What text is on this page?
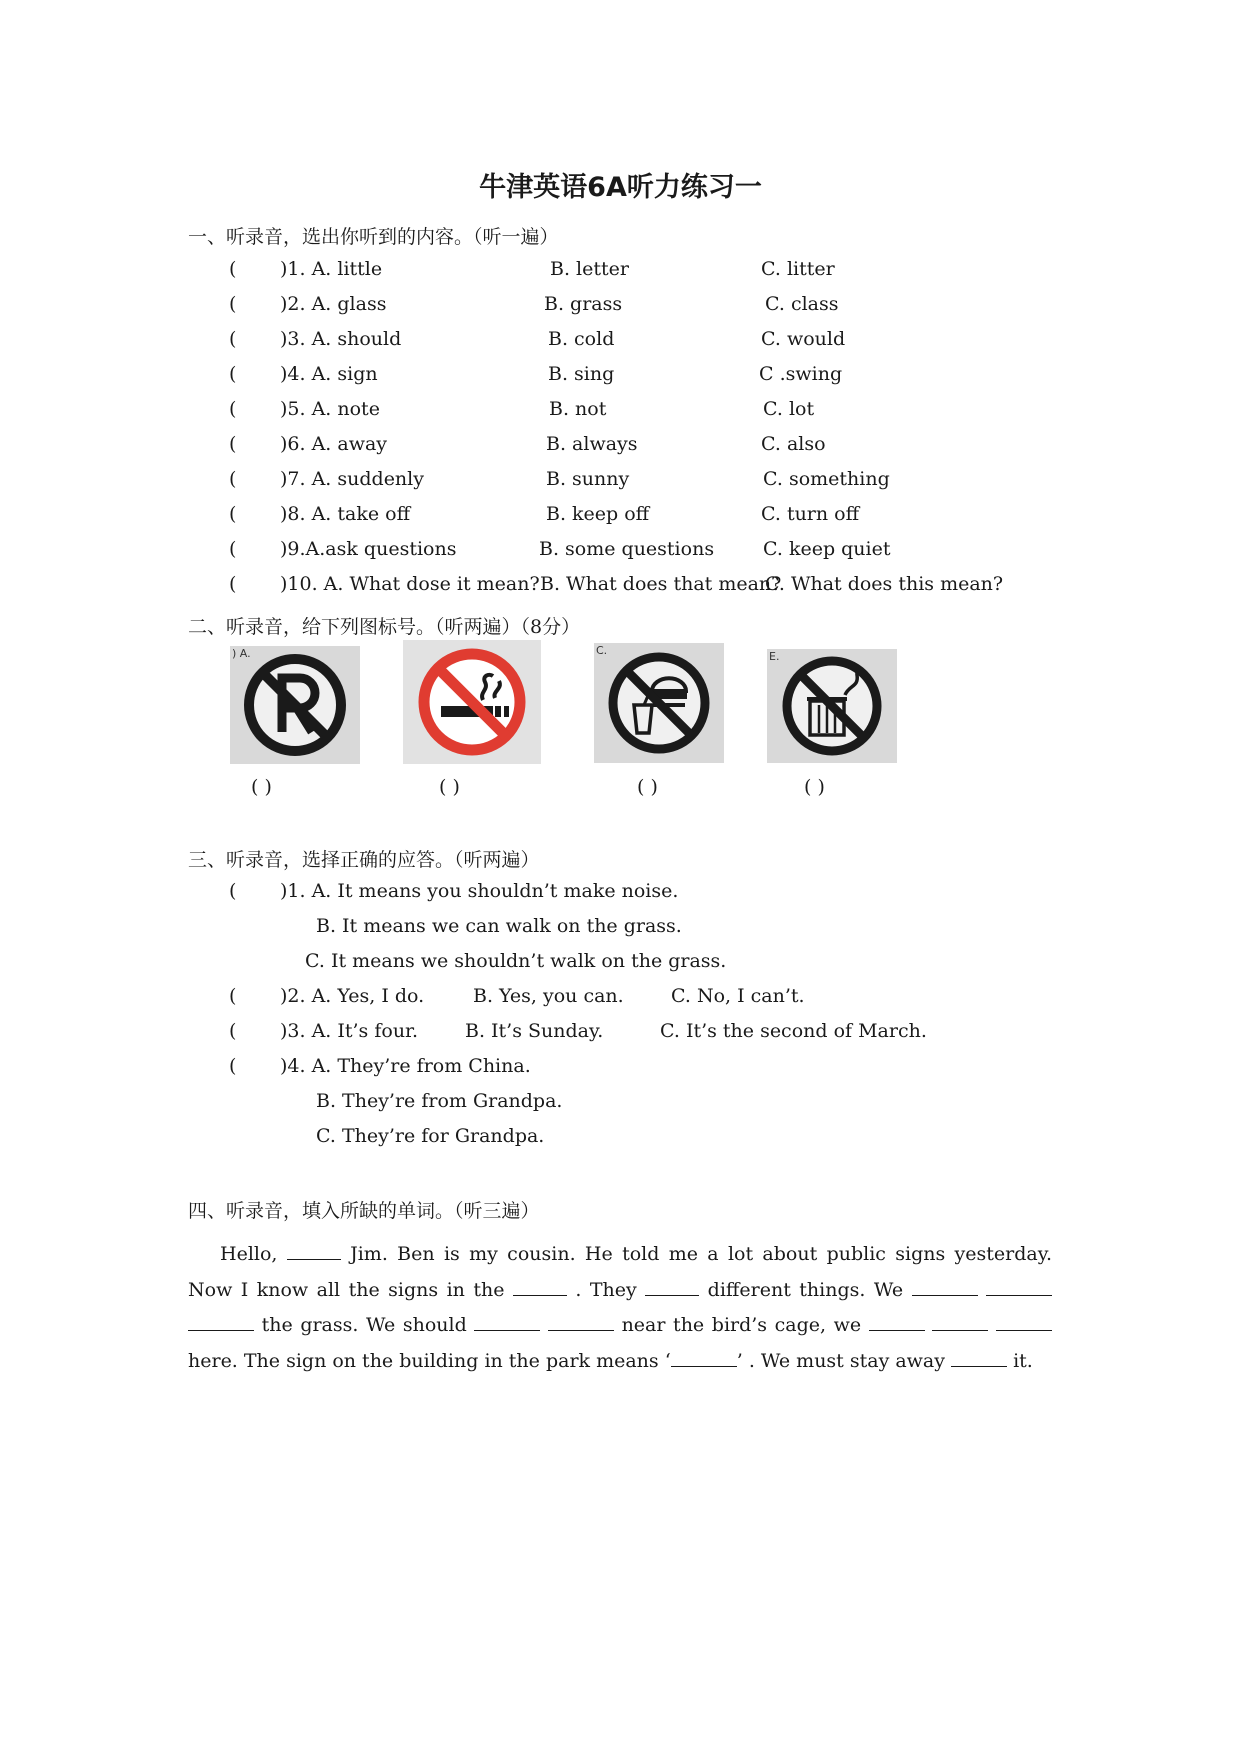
牛津英语6A听力练习一
一、听录音，选出你听到的内容。（听一遍）
( )1. A. little	B. letter	C. litter
( )2. A. glass	B. grass	C. class
( )3. A. should	B. cold	C. would
( )4. A. sign	B. sing	C .swing
( )5. A. note	B. not	C. lot
( )6. A. away	B. always	C. also
( )7. A. suddenly	B. sunny	C. something
( )8. A. take off	B. keep off	C. turn off
( )9.A.ask questions	B. some questions	C. keep quiet
( )10. A. What dose it mean? B. What does that mean?
C. What does this mean?
二、听录音，给下列图标号。（听两遍）（8分）
) A.	C.	E.
( )	( )	( )	( )
三、听录音，选择正确的应答。（听两遍）
( )1. A. It means you shouldn’t make noise.
B. It means we can walk on the grass.
C. It means we shouldn’t walk on the grass.
( )2. A. Yes, I do.	B. Yes, you can. C. No, I can’t.
( )3. A. It’s four. B. It’s Sunday.	C. It’s the second of March.
( )4. A. They’re from China.
B. They’re from Grandpa.
C. They’re for Grandpa.
四、听录音，填入所缺的单词。（听三遍）
Hello,	Jim. Ben is my cousin. He told me a lot about public signs yesterday. Now I know all the signs in the	. They	different things. We    the grass. We should	near the bird’s cage, we    here. The sign on the building in the park means ‘	’ . We must stay away	it.
